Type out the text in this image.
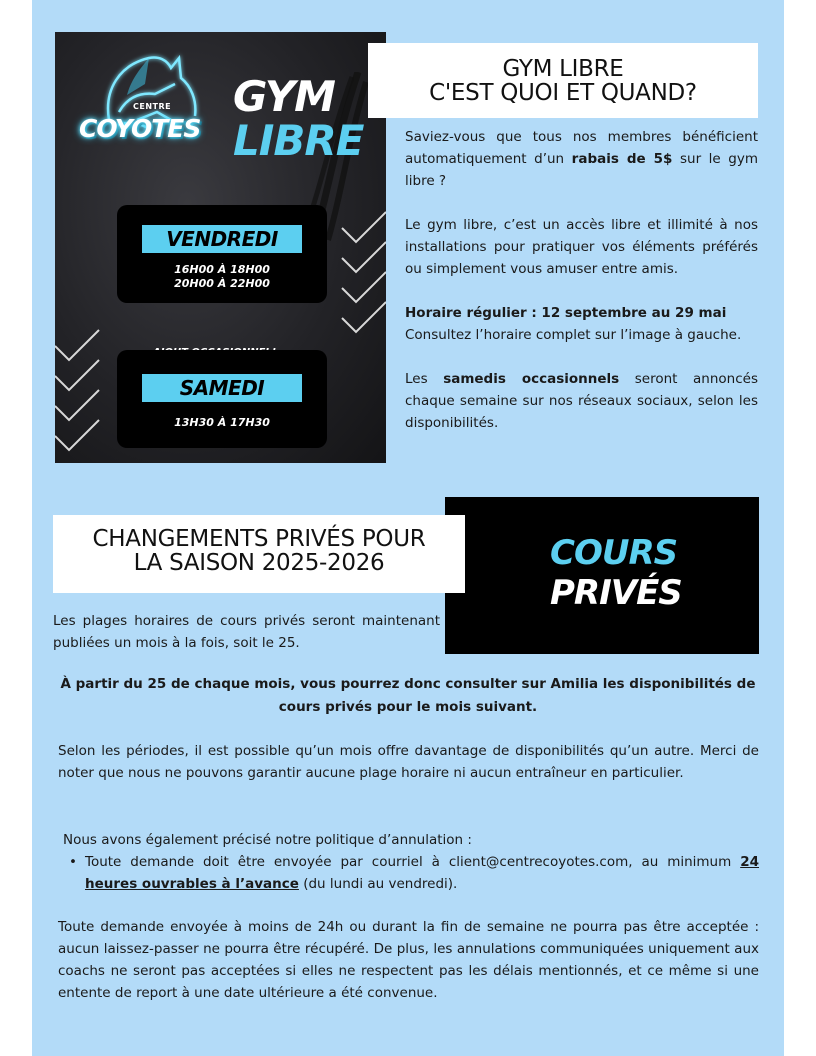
CENTRE
COYOTES
GYM
LIBRE
VENDREDI
16H00 À 18H00
20H00 À 22H00
SAMEDI
13H30 À 17H30
GYM LIBRE
C'EST QUOI ET QUAND?

Saviez-vous que tous nos membres bénéficient automatiquement d’un rabais de 5$ sur le gym libre ?

Le gym libre, c’est un accès libre et illimité à nos installations pour pratiquer vos éléments préférés ou simplement vous amuser entre amis.

Horaire régulier : 12 septembre au 29 mai
Consultez l’horaire complet sur l’image à gauche.

Les samedis occasionnels seront annoncés chaque semaine sur nos réseaux sociaux, selon les disponibilités.

COURS
PRIVÉS
CHANGEMENTS PRIVÉS POUR
LA SAISON 2025-2026
Les plages horaires de cours privés seront maintenant publiées un mois à la fois, soit le 25.
À partir du 25 de chaque mois, vous pourrez donc consulter sur Amilia les disponibilités de cours privés pour le mois suivant.
Selon les périodes, il est possible qu’un mois offre davantage de disponibilités qu’un autre. Merci de noter que nous ne pouvons garantir aucune plage horaire ni aucun entraîneur en particulier.
Nous avons également précisé notre politique d’annulation :
• Toute demande doit être envoyée par courriel à client@centrecoyotes.com, au minimum 24 heures ouvrables à l’avance (du lundi au vendredi).
Toute demande envoyée à moins de 24h ou durant la fin de semaine ne pourra pas être acceptée : aucun laissez-passer ne pourra être récupéré. De plus, les annulations communiquées uniquement aux coachs ne seront pas acceptées si elles ne respectent pas les délais mentionnés, et ce même si une entente de report à une date ultérieure a été convenue.
